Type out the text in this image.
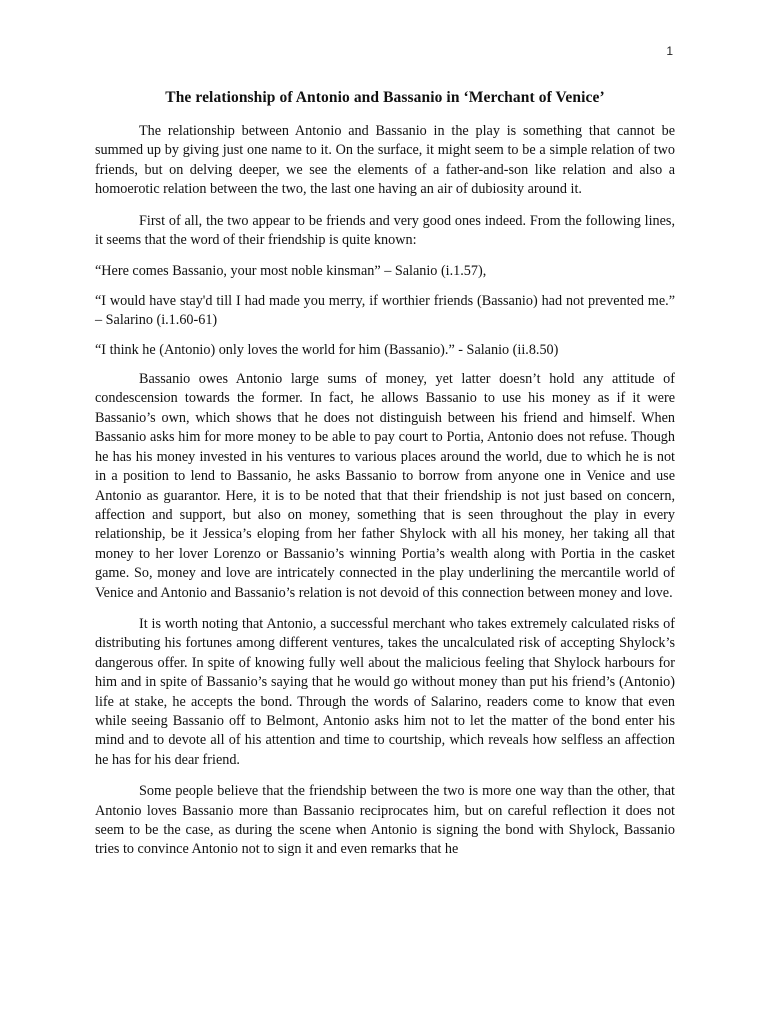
1
The relationship of Antonio and Bassanio in ‘Merchant of Venice’

The relationship between Antonio and Bassanio in the play is something that cannot be summed up by giving just one name to it. On the surface, it might seem to be a simple relation of two friends, but on delving deeper, we see the elements of a father-and-son like relation and also a homoerotic relation between the two, the last one having an air of dubiosity around it.

First of all, the two appear to be friends and very good ones indeed. From the following lines, it seems that the word of their friendship is quite known:

“Here comes Bassanio, your most noble kinsman” – Salanio (i.1.57),

“I would have stay'd till I had made you merry, if worthier friends (Bassanio) had not prevented me.” – Salarino (i.1.60-61)

“I think he (Antonio) only loves the world for him (Bassanio).” - Salanio (ii.8.50)

Bassanio owes Antonio large sums of money, yet latter doesn’t hold any attitude of condescension towards the former. In fact, he allows Bassanio to use his money as if it were Bassanio’s own, which shows that he does not distinguish between his friend and himself. When Bassanio asks him for more money to be able to pay court to Portia, Antonio does not refuse. Though he has his money invested in his ventures to various places around the world, due to which he is not in a position to lend to Bassanio, he asks Bassanio to borrow from anyone one in Venice and use Antonio as guarantor. Here, it is to be noted that that their friendship is not just based on concern, affection and support, but also on money, something that is seen throughout the play in every relationship, be it Jessica’s eloping from her father Shylock with all his money, her taking all that money to her lover Lorenzo or Bassanio’s winning Portia’s wealth along with Portia in the casket game. So, money and love are intricately connected in the play underlining the mercantile world of Venice and Antonio and Bassanio’s relation is not devoid of this connection between money and love.

It is worth noting that Antonio, a successful merchant who takes extremely calculated risks of distributing his fortunes among different ventures, takes the uncalculated risk of accepting Shylock’s dangerous offer. In spite of knowing fully well about the malicious feeling that Shylock harbours for him and in spite of Bassanio’s saying that he would go without money than put his friend’s (Antonio) life at stake, he accepts the bond. Through the words of Salarino, readers come to know that even while seeing Bassanio off to Belmont, Antonio asks him not to let the matter of the bond enter his mind and to devote all of his attention and time to courtship, which reveals how selfless an affection he has for his dear friend.

Some people believe that the friendship between the two is more one way than the other, that Antonio loves Bassanio more than Bassanio reciprocates him, but on careful reflection it does not seem to be the case, as during the scene when Antonio is signing the bond with Shylock, Bassanio tries to convince Antonio not to sign it and even remarks that he
